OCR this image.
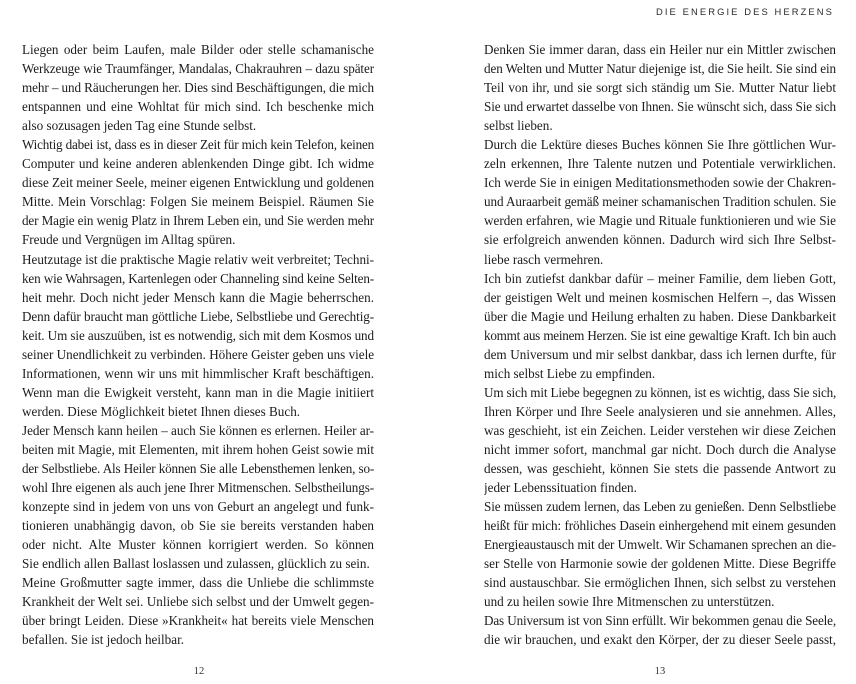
Liegen oder beim Laufen, male Bilder oder stelle schamanische
Werkzeuge wie Traumfänger, Mandalas, Chakrauhren – dazu später
mehr – und Räucherungen her. Dies sind Beschäftigungen, die mich
entspannen und eine Wohltat für mich sind. Ich beschenke mich
also sozusagen jeden Tag eine Stunde selbst.
Wichtig dabei ist, dass es in dieser Zeit für mich kein Telefon, keinen
Computer und keine anderen ablenkenden Dinge gibt. Ich widme
diese Zeit meiner Seele, meiner eigenen Entwicklung und goldenen
Mitte. Mein Vorschlag: Folgen Sie meinem Beispiel. Räumen Sie
der Magie ein wenig Platz in Ihrem Leben ein, und Sie werden mehr
Freude und Vergnügen im Alltag spüren.
Heutzutage ist die praktische Magie relativ weit verbreitet; Techni-
ken wie Wahrsagen, Kartenlegen oder Channeling sind keine Selten-
heit mehr. Doch nicht jeder Mensch kann die Magie beherrschen.
Denn dafür braucht man göttliche Liebe, Selbstliebe und Gerechtig-
keit. Um sie auszuüben, ist es notwendig, sich mit dem Kosmos und
seiner Unendlichkeit zu verbinden. Höhere Geister geben uns viele
Informationen, wenn wir uns mit himmlischer Kraft beschäftigen.
Wenn man die Ewigkeit versteht, kann man in die Magie initiiert
werden. Diese Möglichkeit bietet Ihnen dieses Buch.
Jeder Mensch kann heilen – auch Sie können es erlernen. Heiler ar-
beiten mit Magie, mit Elementen, mit ihrem hohen Geist sowie mit
der Selbstliebe. Als Heiler können Sie alle Lebensthemen lenken, so-
wohl Ihre eigenen als auch jene Ihrer Mitmenschen. Selbstheilungs-
konzepte sind in jedem von uns von Geburt an angelegt und funk-
tionieren unabhängig davon, ob Sie sie bereits verstanden haben
oder nicht. Alte Muster können korrigiert werden. So können
Sie endlich allen Ballast loslassen und zulassen, glücklich zu sein.
Meine Großmutter sagte immer, dass die Unliebe die schlimmste
Krankheit der Welt sei. Unliebe sich selbst und der Umwelt gegen-
über bringt Leiden. Diese »Krankheit« hat bereits viele Menschen
befallen. Sie ist jedoch heilbar.
12
DIE ENERGIE DES HERZENS
Denken Sie immer daran, dass ein Heiler nur ein Mittler zwischen
den Welten und Mutter Natur diejenige ist, die Sie heilt. Sie sind ein
Teil von ihr, und sie sorgt sich ständig um Sie. Mutter Natur liebt
Sie und erwartet dasselbe von Ihnen. Sie wünscht sich, dass Sie sich
selbst lieben.
Durch die Lektüre dieses Buches können Sie Ihre göttlichen Wur-
zeln erkennen, Ihre Talente nutzen und Potentiale verwirklichen.
Ich werde Sie in einigen Meditationsmethoden sowie der Chakren-
und Auraarbeit gemäß meiner schamanischen Tradition schulen. Sie
werden erfahren, wie Magie und Rituale funktionieren und wie Sie
sie erfolgreich anwenden können. Dadurch wird sich Ihre Selbst-
liebe rasch vermehren.
Ich bin zutiefst dankbar dafür – meiner Familie, dem lieben Gott,
der geistigen Welt und meinen kosmischen Helfern –, das Wissen
über die Magie und Heilung erhalten zu haben. Diese Dankbarkeit
kommt aus meinem Herzen. Sie ist eine gewaltige Kraft. Ich bin auch
dem Universum und mir selbst dankbar, dass ich lernen durfte, für
mich selbst Liebe zu empfinden.
Um sich mit Liebe begegnen zu können, ist es wichtig, dass Sie sich,
Ihren Körper und Ihre Seele analysieren und sie annehmen. Alles,
was geschieht, ist ein Zeichen. Leider verstehen wir diese Zeichen
nicht immer sofort, manchmal gar nicht. Doch durch die Analyse
dessen, was geschieht, können Sie stets die passende Antwort zu
jeder Lebenssituation finden.
Sie müssen zudem lernen, das Leben zu genießen. Denn Selbstliebe
heißt für mich: fröhliches Dasein einhergehend mit einem gesunden
Energieaustausch mit der Umwelt. Wir Schamanen sprechen an die-
ser Stelle von Harmonie sowie der goldenen Mitte. Diese Begriffe
sind austauschbar. Sie ermöglichen Ihnen, sich selbst zu verstehen
und zu heilen sowie Ihre Mitmenschen zu unterstützen.
Das Universum ist von Sinn erfüllt. Wir bekommen genau die Seele,
die wir brauchen, und exakt den Körper, der zu dieser Seele passt,
13
